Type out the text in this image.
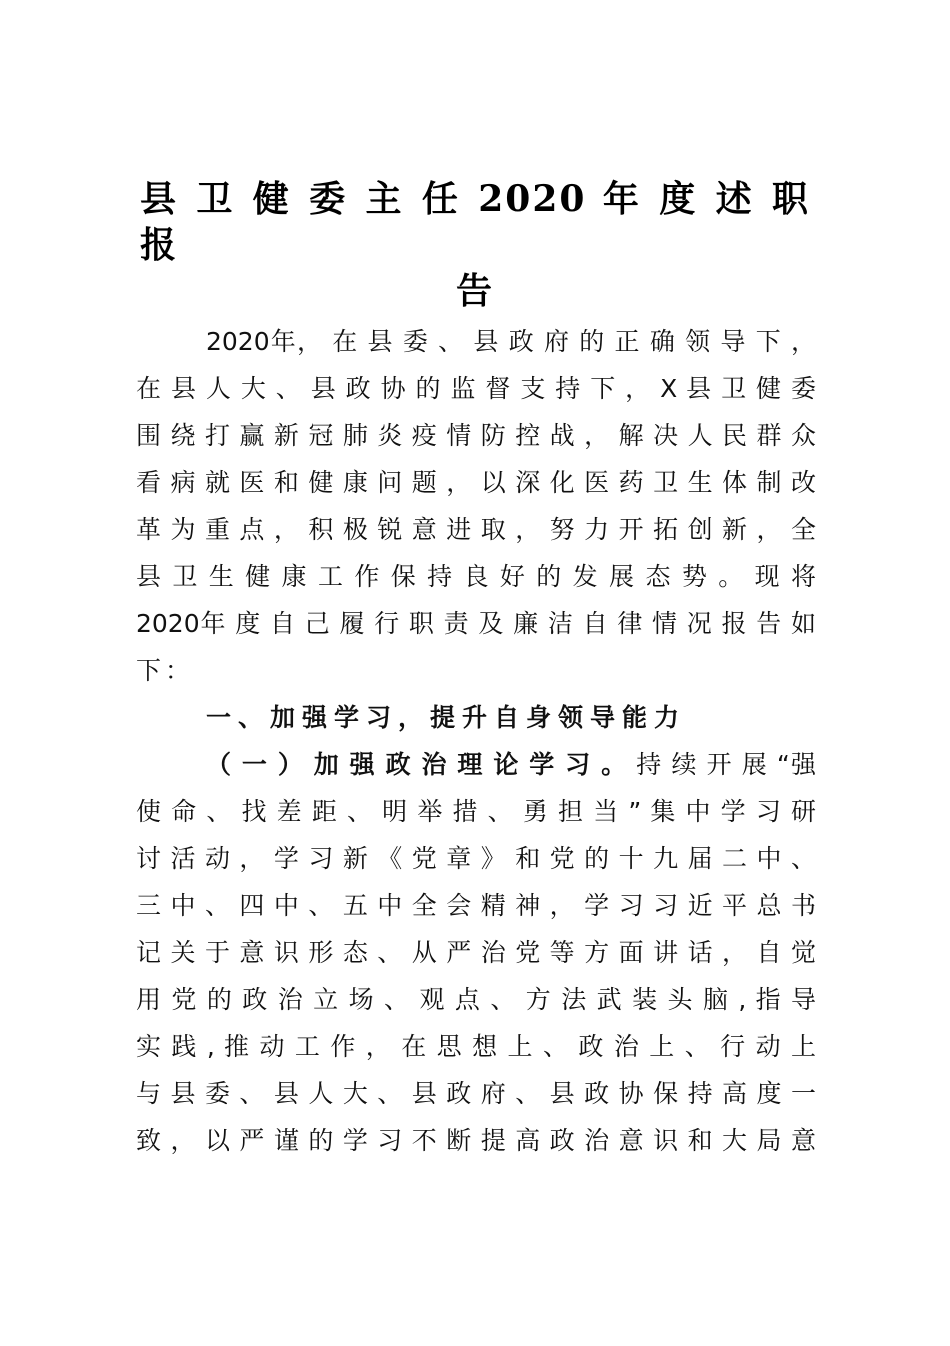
县 卫 健 委 主 任 2020 年 度 述 职 报
告
2020年， 在 县 委 、 县 政 府 的 正 确 领 导 下 ，
在 县 人 大 、 县 政 协 的 监 督 支 持 下 ， X 县 卫 健 委
围 绕 打 赢 新 冠 肺 炎 疫 情 防 控 战 ， 解 决 人 民 群 众
看 病 就 医 和 健 康 问 题 ， 以 深 化 医 药 卫 生 体 制 改
革 为 重 点 ， 积 极 锐 意 进 取 ， 努 力 开 拓 创 新 ， 全
县 卫 生 健 康 工 作 保 持 良 好 的 发 展 态 势 。 现 将
2020年 度 自 己 履 行 职 责 及 廉 洁 自 律 情 况 报 告 如
下：
一、加强学习，提升自身领导能力
（ 一 ） 加 强 政 治 理 论 学 习 。 持 续 开 展 “强
使 命 、 找 差 距 、 明 举 措 、 勇 担 当 ” 集 中 学 习 研
讨 活 动 ， 学 习 新 《 党 章 》 和 党 的 十 九 届 二 中 、
三 中 、 四 中 、 五 中 全 会 精 神 ， 学 习 习 近 平 总 书
记 关 于 意 识 形 态 、 从 严 治 党 等 方 面 讲 话 ， 自 觉
用 党 的 政 治 立 场 、 观 点 、 方 法 武 装 头 脑 , 指 导
实 践 , 推 动 工 作 ， 在 思 想 上 、 政 治 上 、 行 动 上
与 县 委 、 县 人 大 、 县 政 府 、 县 政 协 保 持 高 度 一
致 ， 以 严 谨 的 学 习 不 断 提 高 政 治 意 识 和 大 局 意
